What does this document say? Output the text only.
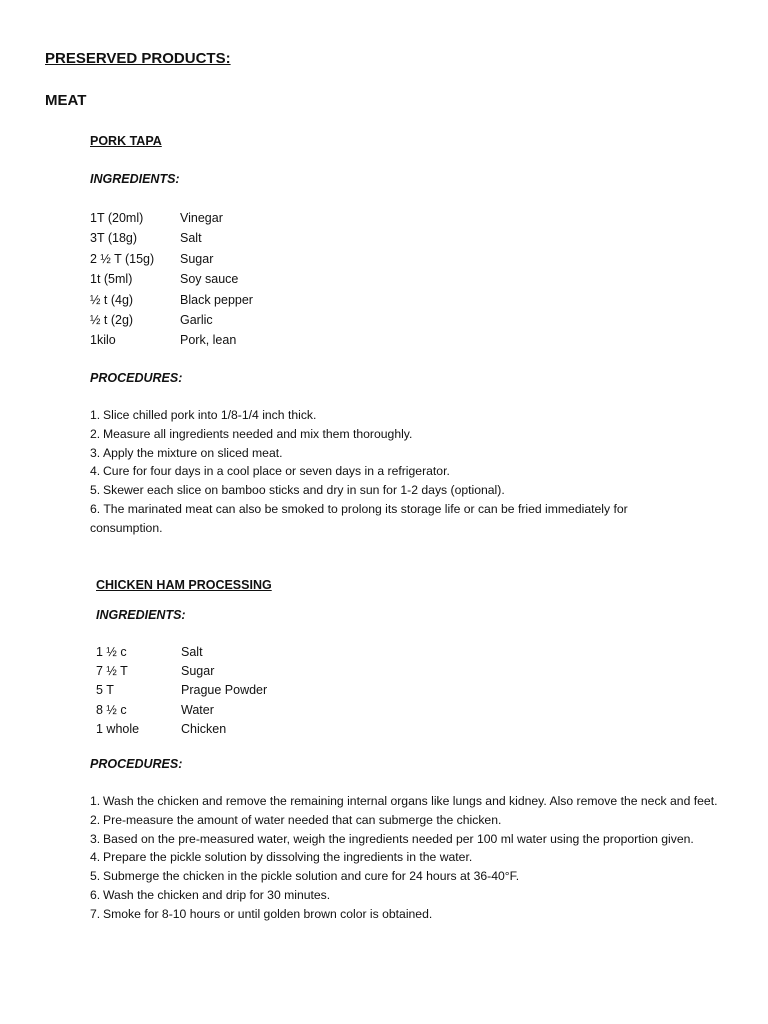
PRESERVED PRODUCTS:
MEAT
PORK TAPA
INGREDIENTS:
1T (20ml)	Vinegar
3T (18g)	Salt
2 ½ T (15g)	Sugar
1t (5ml)	Soy sauce
½ t (4g)	Black pepper
½ t (2g)	Garlic
1kilo	Pork, lean
PROCEDURES:
1. Slice chilled pork into 1/8-1/4 inch thick.
2. Measure all ingredients needed and mix them thoroughly.
3. Apply the mixture on sliced meat.
4. Cure for four days in a cool place or seven days in a refrigerator.
5. Skewer each slice on bamboo sticks and dry in sun for 1-2 days (optional).
6. The marinated meat can also be smoked to prolong its storage life or can be fried immediately for consumption.
CHICKEN HAM PROCESSING
INGREDIENTS:
1 ½ c	Salt
7 ½ T	Sugar
5 T	Prague Powder
8 ½ c	Water
1 whole	Chicken
PROCEDURES:
1. Wash the chicken and remove the remaining internal organs like lungs and kidney. Also remove the neck and feet.
2. Pre-measure the amount of water needed that can submerge the chicken.
3. Based on the pre-measured water, weigh the ingredients needed per 100 ml water using the proportion given.
4. Prepare the pickle solution by dissolving the ingredients in the water.
5. Submerge the chicken in the pickle solution and cure for 24 hours at 36-40°F.
6. Wash the chicken and drip for 30 minutes.
7. Smoke for 8-10 hours or until golden brown color is obtained.
